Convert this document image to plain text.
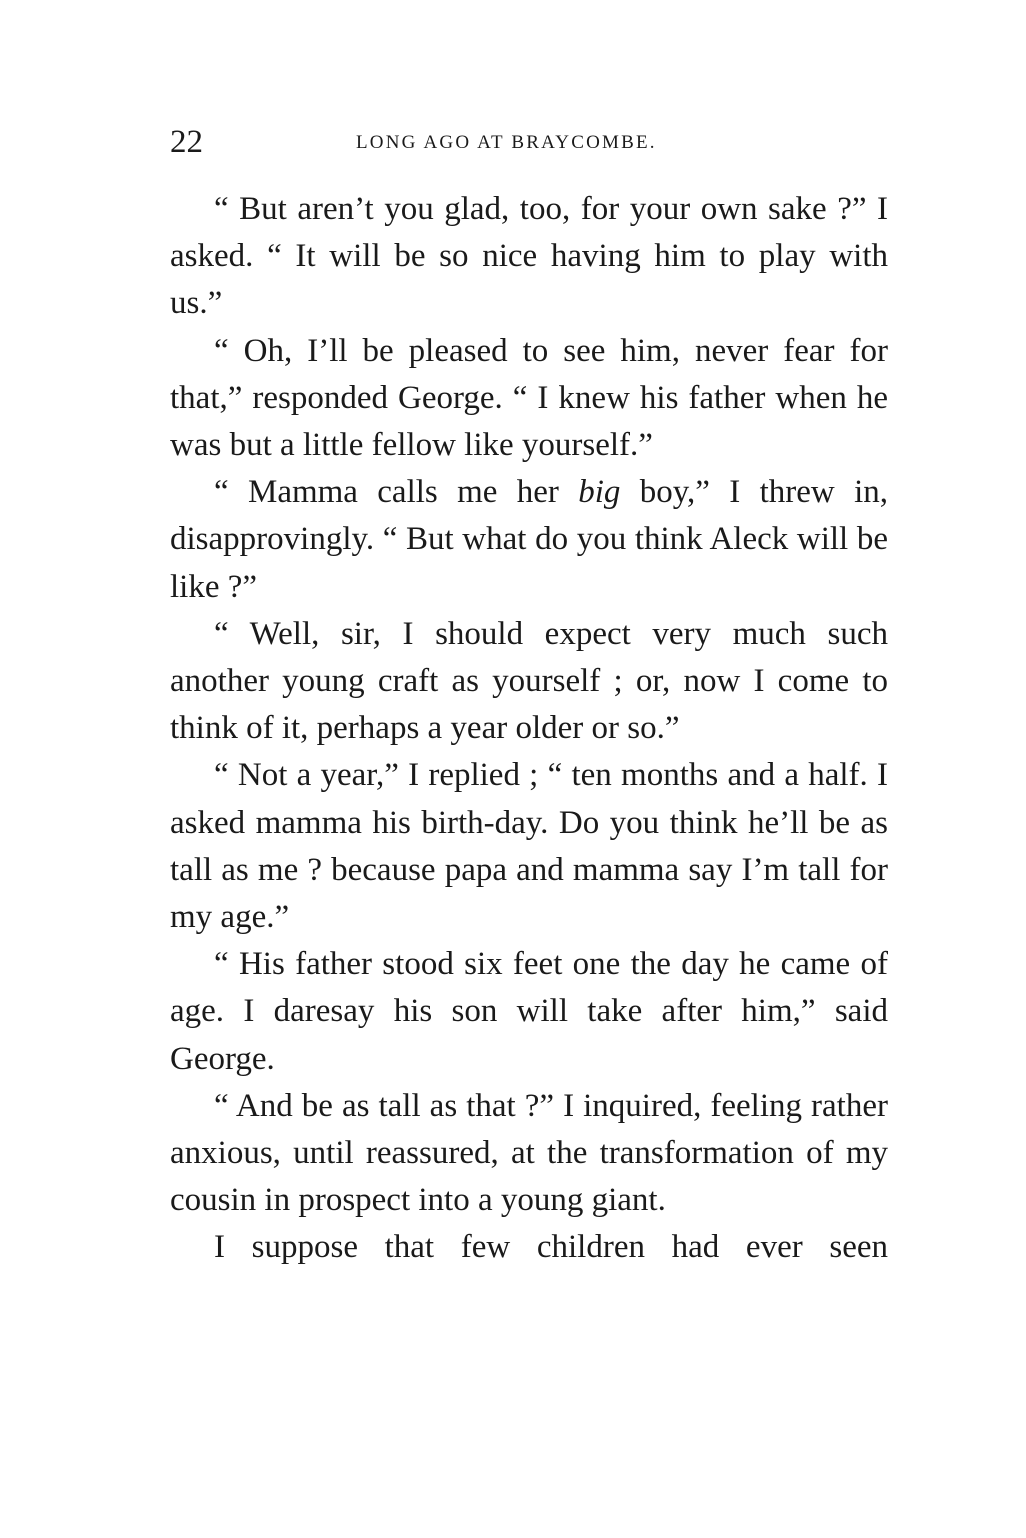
22	LONG AGO AT BRAYCOMBE.

“ But aren’t you glad, too, for your own sake ?” I asked. “ It will be so nice having him to play with us.”

“ Oh, I’ll be pleased to see him, never fear for that,” responded George. “ I knew his father when he was but a little fellow like yourself.”

“ Mamma calls me her big boy,” I threw in, disapprovingly. “ But what do you think Aleck will be like ?”

“ Well, sir, I should expect very much such another young craft as yourself ; or, now I come to think of it, perhaps a year older or so.”

“ Not a year,” I replied ; “ ten months and a half. I asked mamma his birth-day. Do you think he’ll be as tall as me ? because papa and mamma say I’m tall for my age.”

“ His father stood six feet one the day he came of age. I daresay his son will take after him,” said George.

“ And be as tall as that ?” I inquired, feeling rather anxious, until reassured, at the transformation of my cousin in prospect into a young giant.

I suppose that few children had ever seen
